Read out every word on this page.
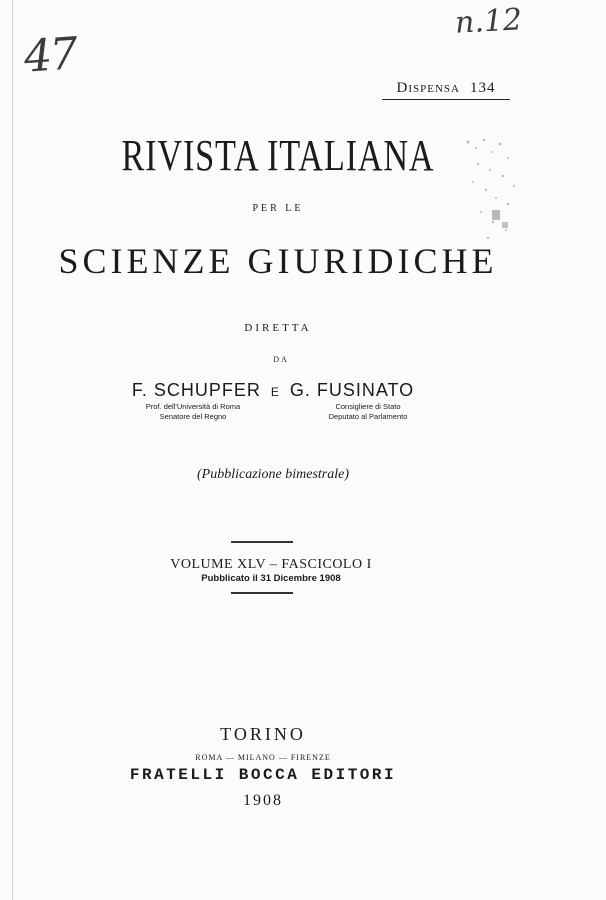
47
n.12
Dispensa 134
RIVISTA ITALIANA
PER LE
SCIENZE GIURIDICHE
DIRETTA
DA
F. SCHUPFER E G. FUSINATO
Prof. dell'Università di Roma
Senatore del Regno
Consigliere di Stato
Deputato al Parlamento
(Pubblicazione bimestrale)
VOLUME XLV – FASCICOLO I
Pubblicato il 31 Dicembre 1908
TORINO
ROMA — MILANO — FIRENZE
FRATELLI BOCCA EDITORI
1908
